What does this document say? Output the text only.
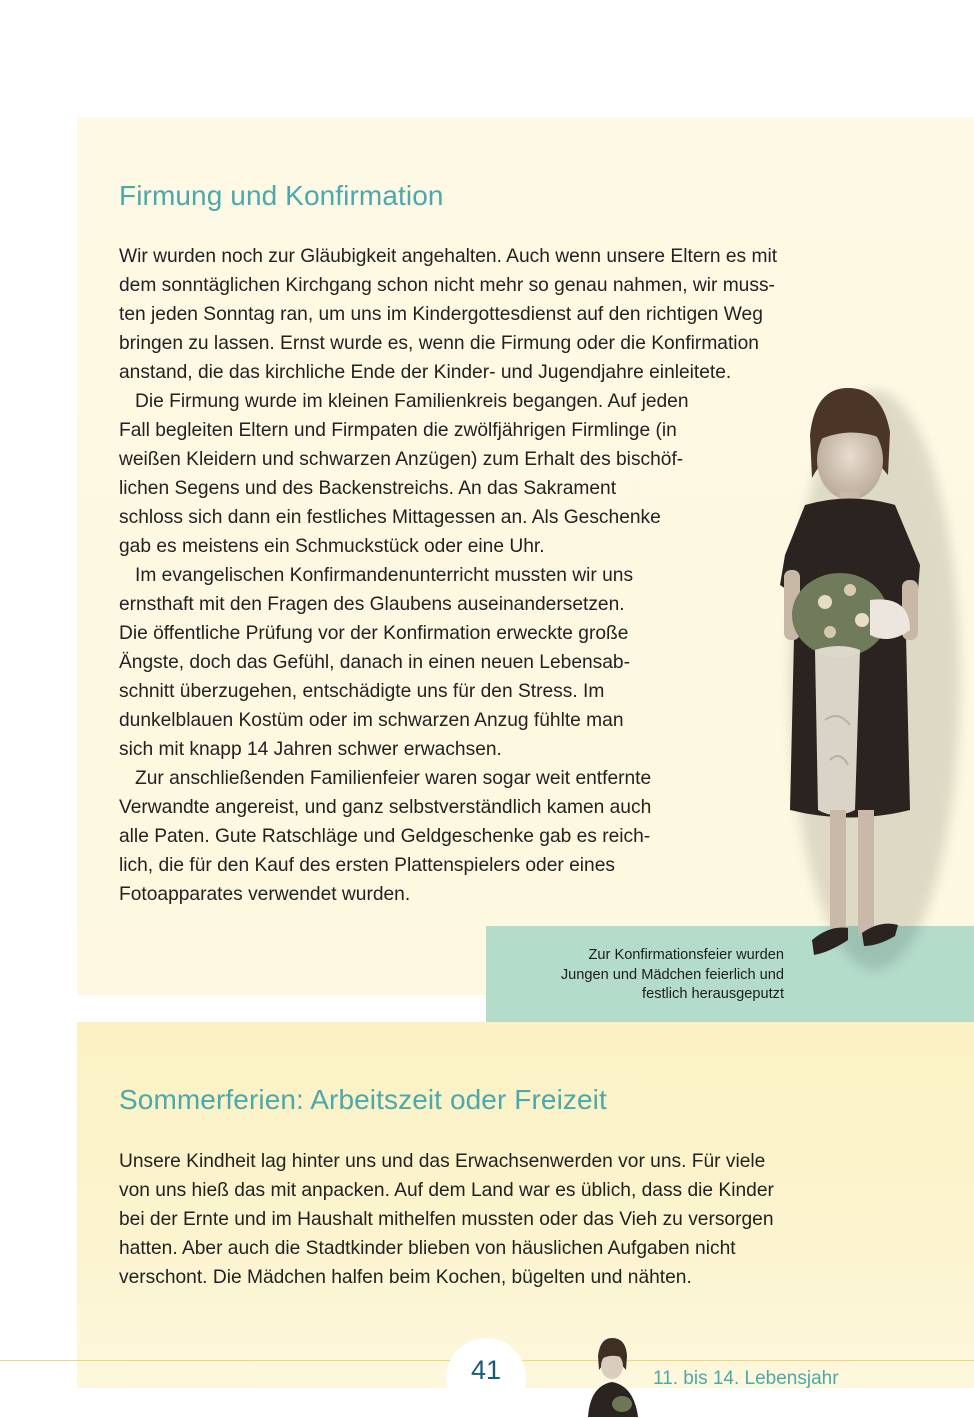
Firmung und Konfirmation
Wir wurden noch zur Gläubigkeit angehalten. Auch wenn unsere Eltern es mit
dem sonntäglichen Kirchgang schon nicht mehr so genau nahmen, wir muss-
ten jeden Sonntag ran, um uns im Kindergottesdienst auf den richtigen Weg
bringen zu lassen. Ernst wurde es, wenn die Firmung oder die Konfirmation
anstand, die das kirchliche Ende der Kinder- und Jugendjahre einleitete.
Die Firmung wurde im kleinen Familienkreis begangen. Auf jeden
Fall begleiten Eltern und Firmpaten die zwölfjährigen Firmlinge (in
weißen Kleidern und schwarzen Anzügen) zum Erhalt des bischöf-
lichen Segens und des Backenstreichs. An das Sakrament
schloss sich dann ein festliches Mittagessen an. Als Geschenke
gab es meistens ein Schmuckstück oder eine Uhr.
Im evangelischen Konfirmandenunterricht mussten wir uns
ernsthaft mit den Fragen des Glaubens auseinandersetzen.
Die öffentliche Prüfung vor der Konfirmation erweckte große
Ängste, doch das Gefühl, danach in einen neuen Lebensab-
schnitt überzugehen, entschädigte uns für den Stress. Im
dunkelblauen Kostüm oder im schwarzen Anzug fühlte man
sich mit knapp 14 Jahren schwer erwachsen.
Zur anschließenden Familienfeier waren sogar weit entfernte
Verwandte angereist, und ganz selbstverständlich kamen auch
alle Paten. Gute Ratschläge und Geldgeschenke gab es reich-
lich, die für den Kauf des ersten Plattenspielers oder eines
Fotoapparates verwendet wurden.
Zur Konfirmationsfeier wurden
Jungen und Mädchen feierlich und
festlich herausgeputzt
Sommerferien: Arbeitszeit oder Freizeit
Unsere Kindheit lag hinter uns und das Erwachsenwerden vor uns. Für viele
von uns hieß das mit anpacken. Auf dem Land war es üblich, dass die Kinder
bei der Ernte und im Haushalt mithelfen mussten oder das Vieh zu versorgen
hatten. Aber auch die Stadtkinder blieben von häuslichen Aufgaben nicht
verschont. Die Mädchen halfen beim Kochen, bügelten und nähten.
41	11. bis 14. Lebensjahr
